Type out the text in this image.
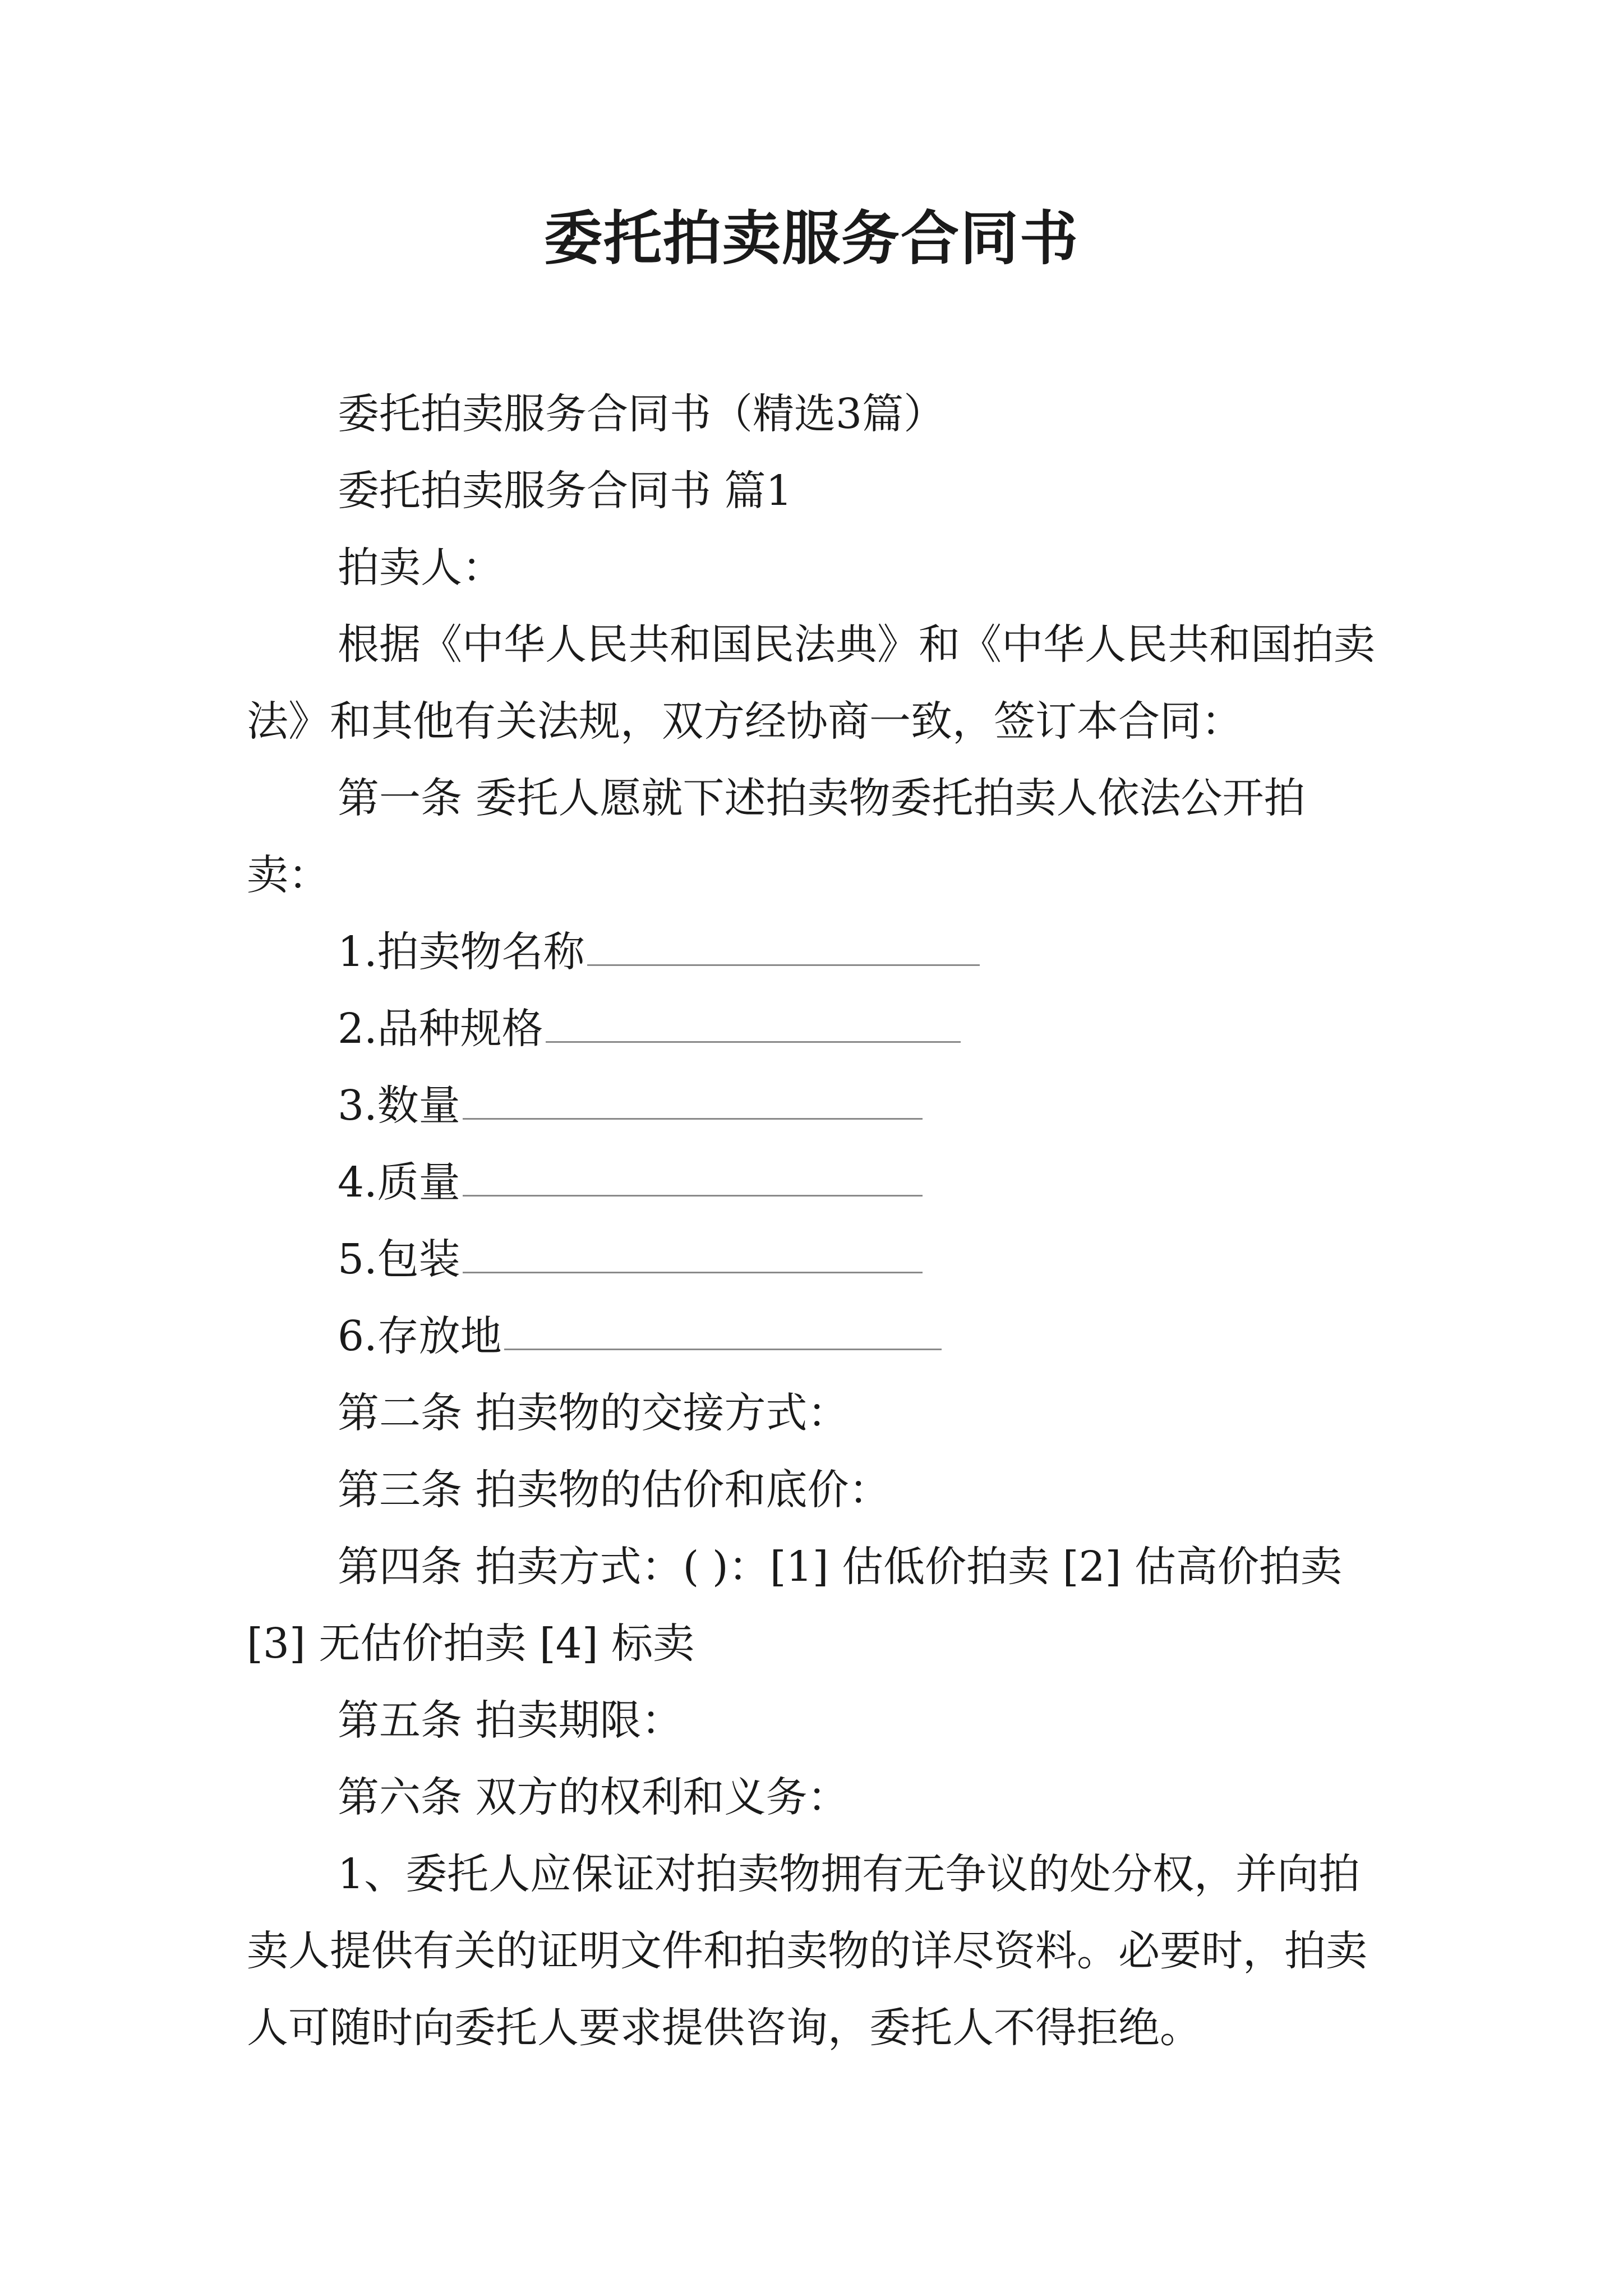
委托拍卖服务合同书

委托拍卖服务合同书（精选3篇）

委托拍卖服务合同书 篇1

拍卖人：

根据《中华人民共和国民法典》和《中华人民共和国拍卖法》和其他有关法规，双方经协商一致，签订本合同：

第一条 委托人愿就下述拍卖物委托拍卖人依法公开拍卖：

1.拍卖物名称
2.品种规格
3.数量
4.质量
5.包装
6.存放地

第二条 拍卖物的交接方式：

第三条 拍卖物的估价和底价：

第四条 拍卖方式：( )：[1] 估低价拍卖 [2] 估高价拍卖 [3] 无估价拍卖 [4] 标卖

第五条 拍卖期限：

第六条 双方的权利和义务：

1、委托人应保证对拍卖物拥有无争议的处分权，并向拍卖人提供有关的证明文件和拍卖物的详尽资料。必要时，拍卖人可随时向委托人要求提供咨询，委托人不得拒绝。
